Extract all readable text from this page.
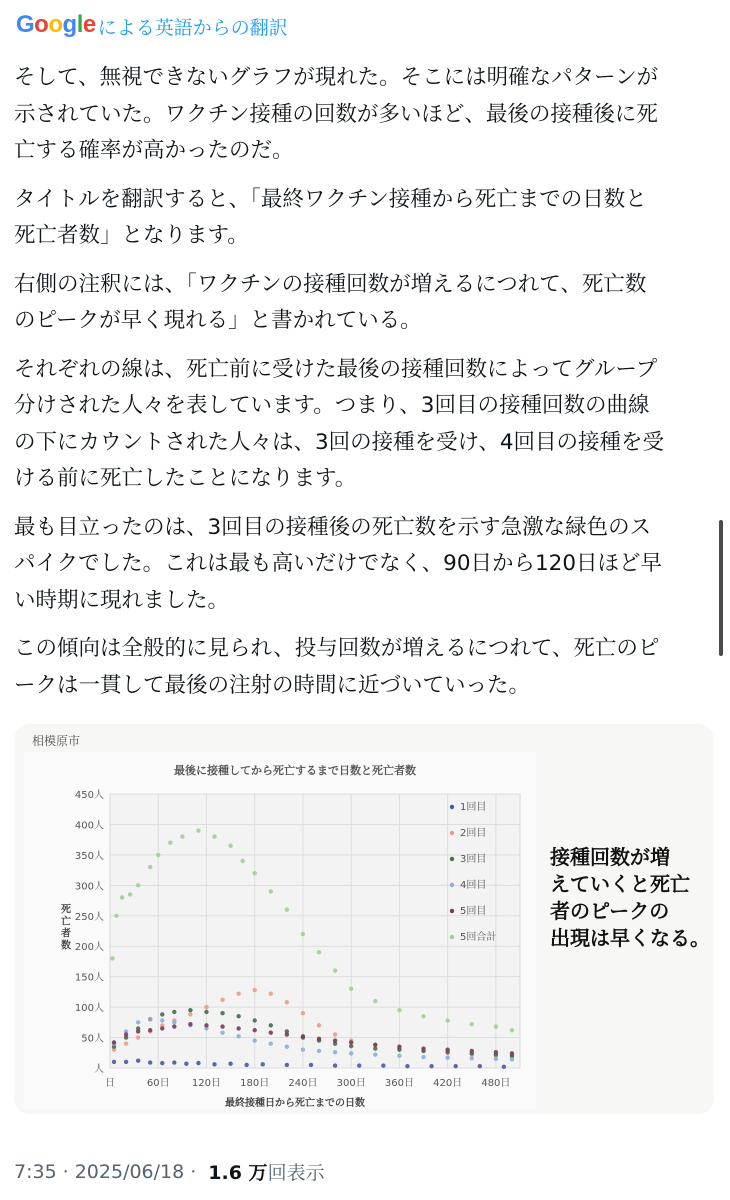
Google による英語からの翻訳

そして、無視できないグラフが現れた。そこには明確なパターンが
示されていた。ワクチン接種の回数が多いほど、最後の接種後に死
亡する確率が高かったのだ。

タイトルを翻訳すると、「最終ワクチン接種から死亡までの日数と
死亡者数」となります。

右側の注釈には、「ワクチンの接種回数が増えるにつれて、死亡数
のピークが早く現れる」と書かれている。

それぞれの線は、死亡前に受けた最後の接種回数によってグループ
分けされた人々を表しています。つまり、3回目の接種回数の曲線
の下にカウントされた人々は、3回の接種を受け、4回目の接種を受
ける前に死亡したことになります。

最も目立ったのは、3回目の接種後の死亡数を示す急激な緑色のス
パイクでした。これは最も高いだけでなく、90日から120日ほど早
い時期に現れました。

この傾向は全般的に見られ、投与回数が増えるにつれて、死亡のピ
ークは一貫して最後の注射の時間に近づいていった。

相模原市
人
50人
100人
150人
200人
250人
300人
350人
400人
450人
日	60日 120日 180日 240日 300日 360日 420日 480日
最後に接種してから死亡するまで日数と死亡者数
最終接種日から死亡までの日数
死亡者数
1回目
2回目
3回目
4回目
5回目
5回合計
接種回数が増
えていくと死亡
者のピークの
出現は早くなる。
7:35 · 2025/06/18 · 1.6 万 回表示
